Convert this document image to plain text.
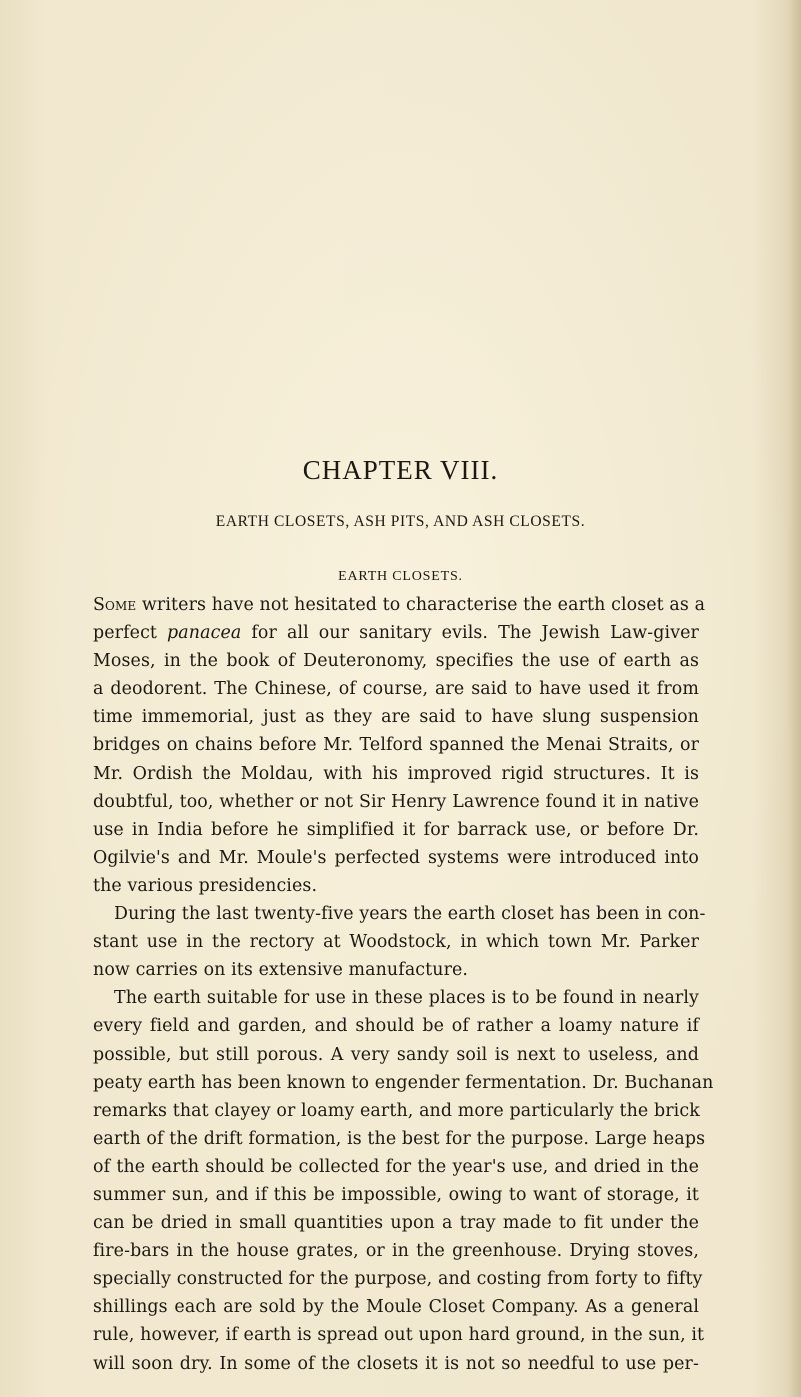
CHAPTER VIII.
EARTH CLOSETS, ASH PITS, AND ASH CLOSETS.
EARTH CLOSETS.
Some writers have not hesitated to characterise the earth closet as a
perfect panacea for all our sanitary evils. The Jewish Law-giver
Moses, in the book of Deuteronomy, specifies the use of earth as
a deodorent. The Chinese, of course, are said to have used it from
time immemorial, just as they are said to have slung suspension
bridges on chains before Mr. Telford spanned the Menai Straits, or
Mr. Ordish the Moldau, with his improved rigid structures. It is
doubtful, too, whether or not Sir Henry Lawrence found it in native
use in India before he simplified it for barrack use, or before Dr.
Ogilvie's and Mr. Moule's perfected systems were introduced into
the various presidencies.
During the last twenty-five years the earth closet has been in con-
stant use in the rectory at Woodstock, in which town Mr. Parker
now carries on its extensive manufacture.
The earth suitable for use in these places is to be found in nearly
every field and garden, and should be of rather a loamy nature if
possible, but still porous. A very sandy soil is next to useless, and
peaty earth has been known to engender fermentation. Dr. Buchanan
remarks that clayey or loamy earth, and more particularly the brick
earth of the drift formation, is the best for the purpose. Large heaps
of the earth should be collected for the year's use, and dried in the
summer sun, and if this be impossible, owing to want of storage, it
can be dried in small quantities upon a tray made to fit under the
fire-bars in the house grates, or in the greenhouse. Drying stoves,
specially constructed for the purpose, and costing from forty to fifty
shillings each are sold by the Moule Closet Company. As a general
rule, however, if earth is spread out upon hard ground, in the sun, it
will soon dry. In some of the closets it is not so needful to use per-
